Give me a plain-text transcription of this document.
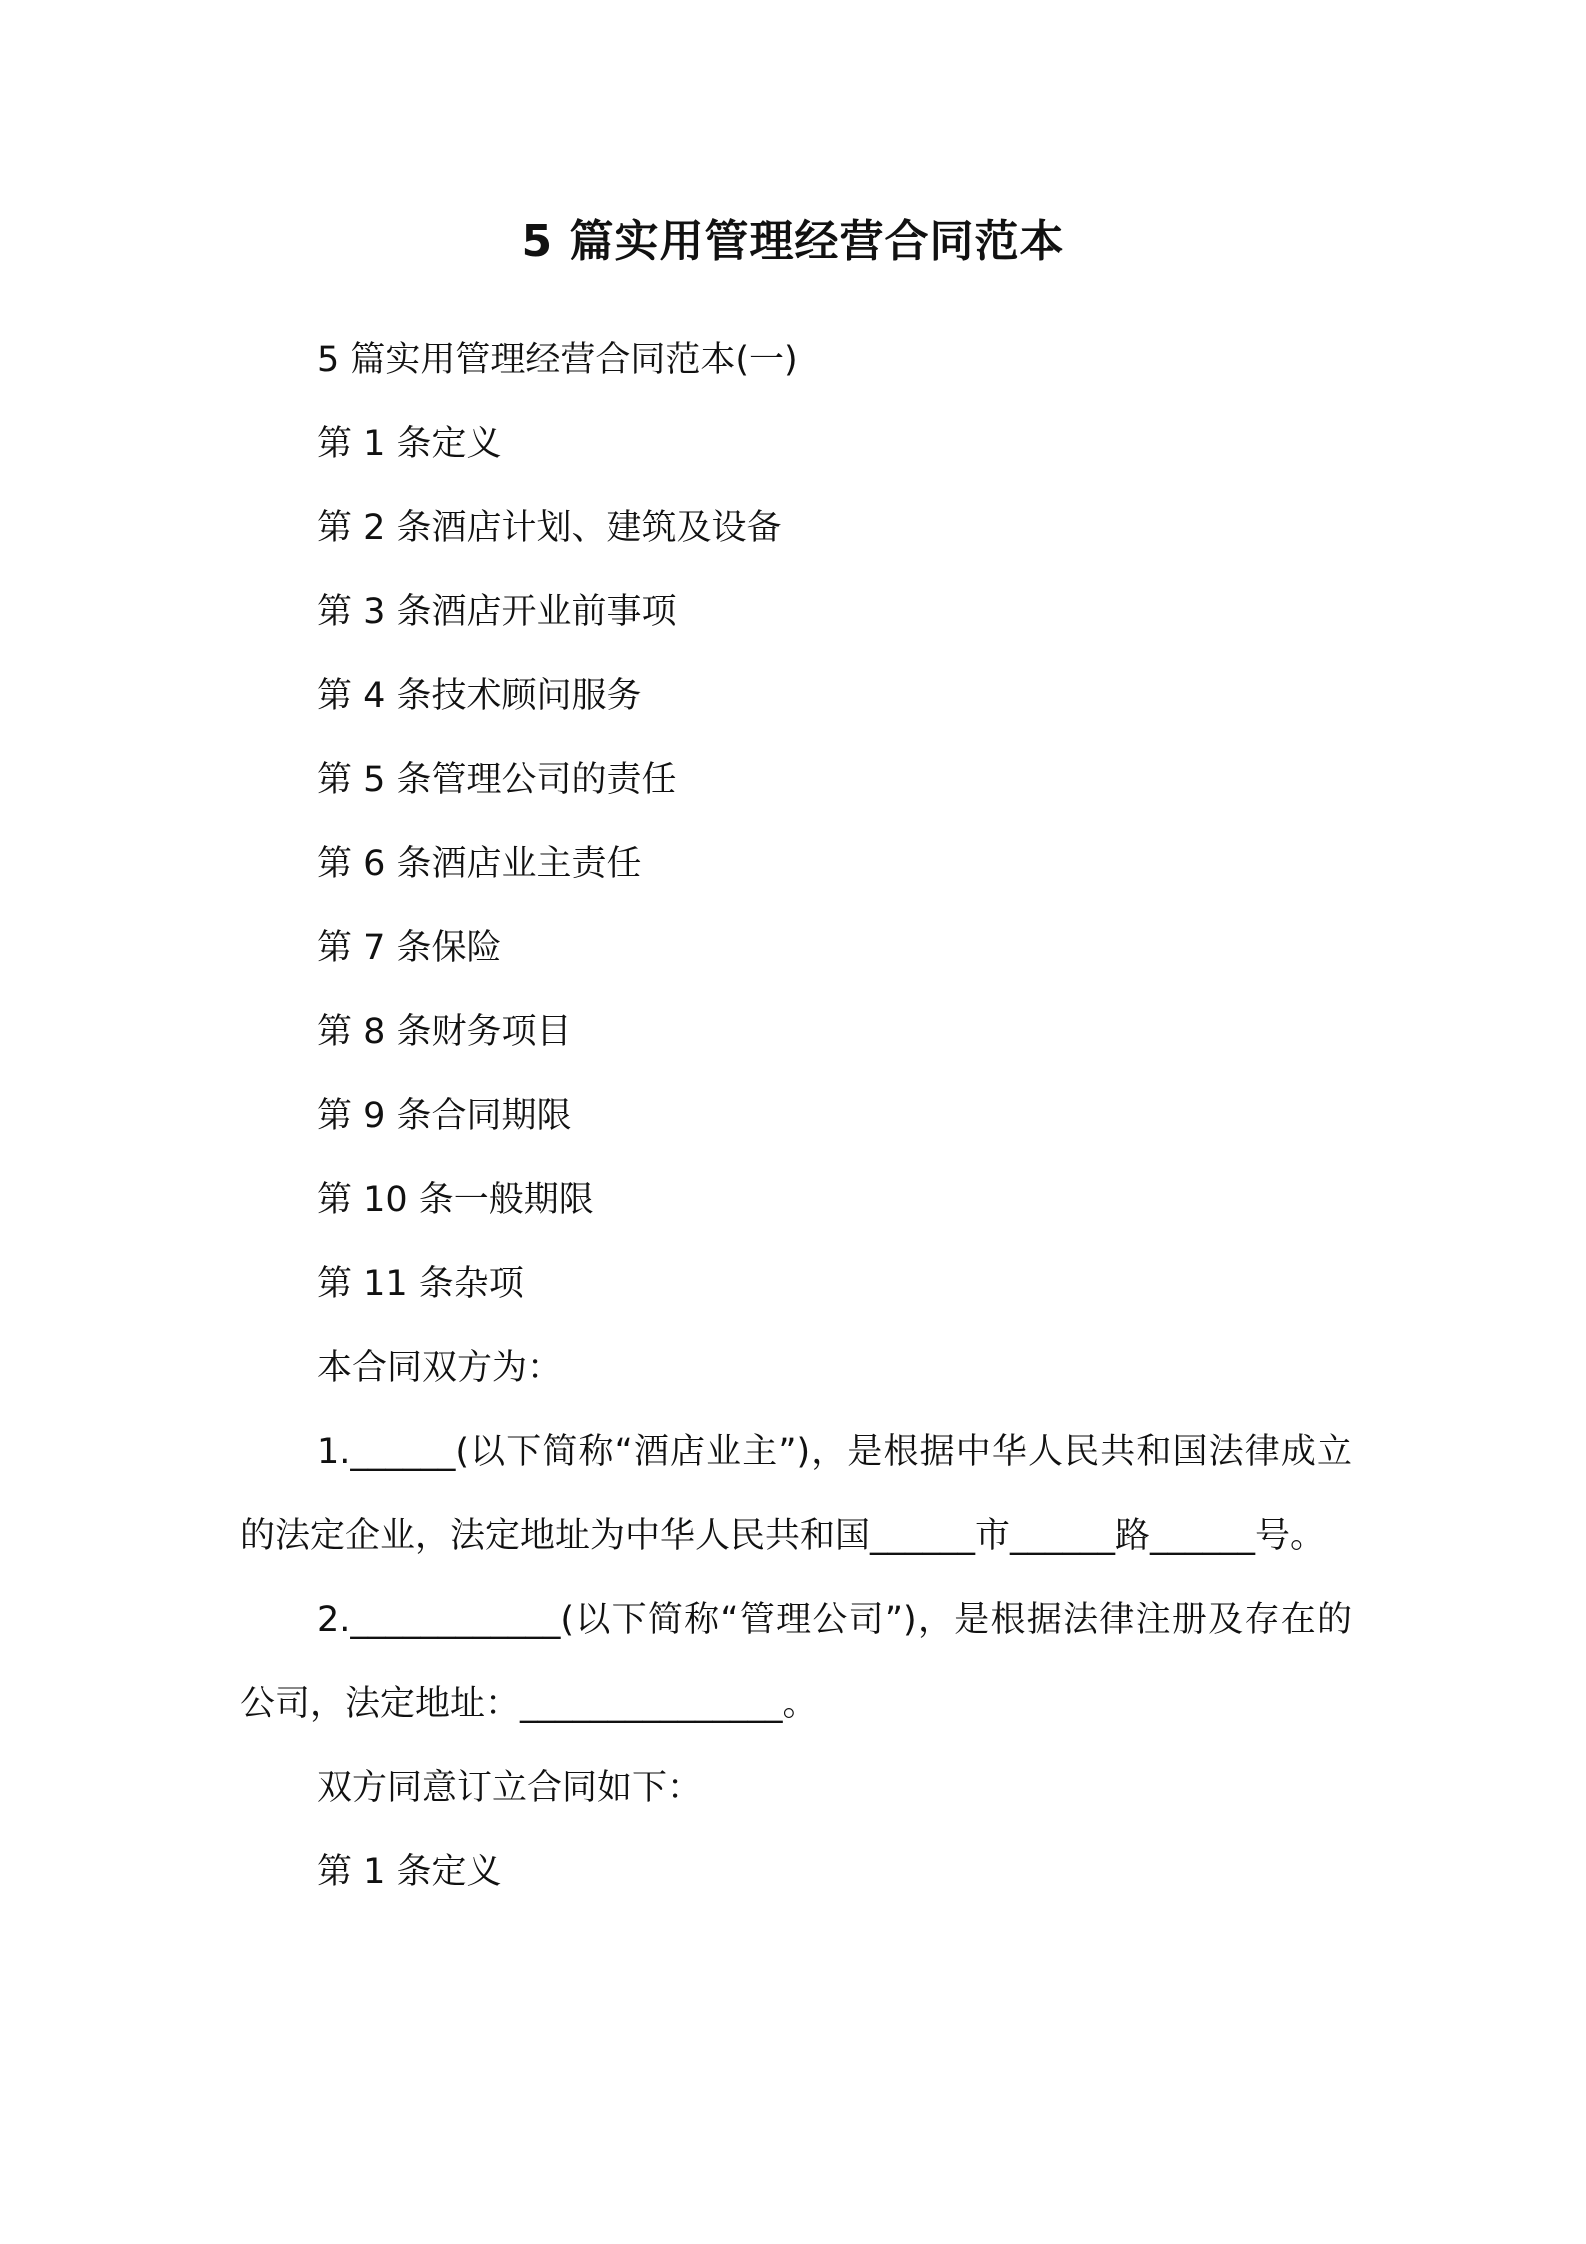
5 篇实用管理经营合同范本

5 篇实用管理经营合同范本(一)

第 1 条定义

第 2 条酒店计划、建筑及设备

第 3 条酒店开业前事项

第 4 条技术顾问服务

第 5 条管理公司的责任

第 6 条酒店业主责任

第 7 条保险

第 8 条财务项目

第 9 条合同期限

第 10 条一般期限

第 11 条杂项

本合同双方为：

1.______(以下简称“酒店业主”)，是根据中华人民共和国法律成立的法定企业，法定地址为中华人民共和国______市______路______号。

2.____________(以下简称“管理公司”)，是根据法律注册及存在的公司，法定地址：_______________。

双方同意订立合同如下：

第 1 条定义
